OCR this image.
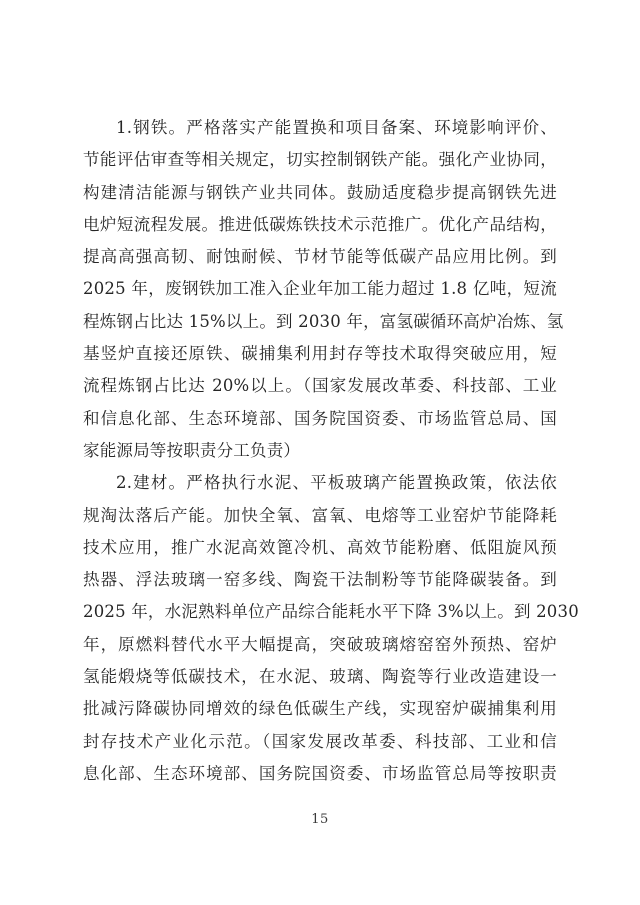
1.钢铁。严格落实产能置换和项目备案、环境影响评价、
节能评估审查等相关规定，切实控制钢铁产能。强化产业协同，
构建清洁能源与钢铁产业共同体。鼓励适度稳步提高钢铁先进
电炉短流程发展。推进低碳炼铁技术示范推广。优化产品结构，
提高高强高韧、耐蚀耐候、节材节能等低碳产品应用比例。到
2025 年，废钢铁加工准入企业年加工能力超过 1.8 亿吨，短流
程炼钢占比达 15%以上。到 2030 年，富氢碳循环高炉冶炼、氢
基竖炉直接还原铁、碳捕集利用封存等技术取得突破应用，短
流程炼钢占比达 20%以上。（国家发展改革委、科技部、工业
和信息化部、生态环境部、国务院国资委、市场监管总局、国
家能源局等按职责分工负责）
2.建材。严格执行水泥、平板玻璃产能置换政策，依法依
规淘汰落后产能。加快全氧、富氧、电熔等工业窑炉节能降耗
技术应用，推广水泥高效篦冷机、高效节能粉磨、低阻旋风预
热器、浮法玻璃一窑多线、陶瓷干法制粉等节能降碳装备。到
2025 年，水泥熟料单位产品综合能耗水平下降 3%以上。到 2030
年，原燃料替代水平大幅提高，突破玻璃熔窑窑外预热、窑炉
氢能煅烧等低碳技术，在水泥、玻璃、陶瓷等行业改造建设一
批减污降碳协同增效的绿色低碳生产线，实现窑炉碳捕集利用
封存技术产业化示范。（国家发展改革委、科技部、工业和信
息化部、生态环境部、国务院国资委、市场监管总局等按职责
15
